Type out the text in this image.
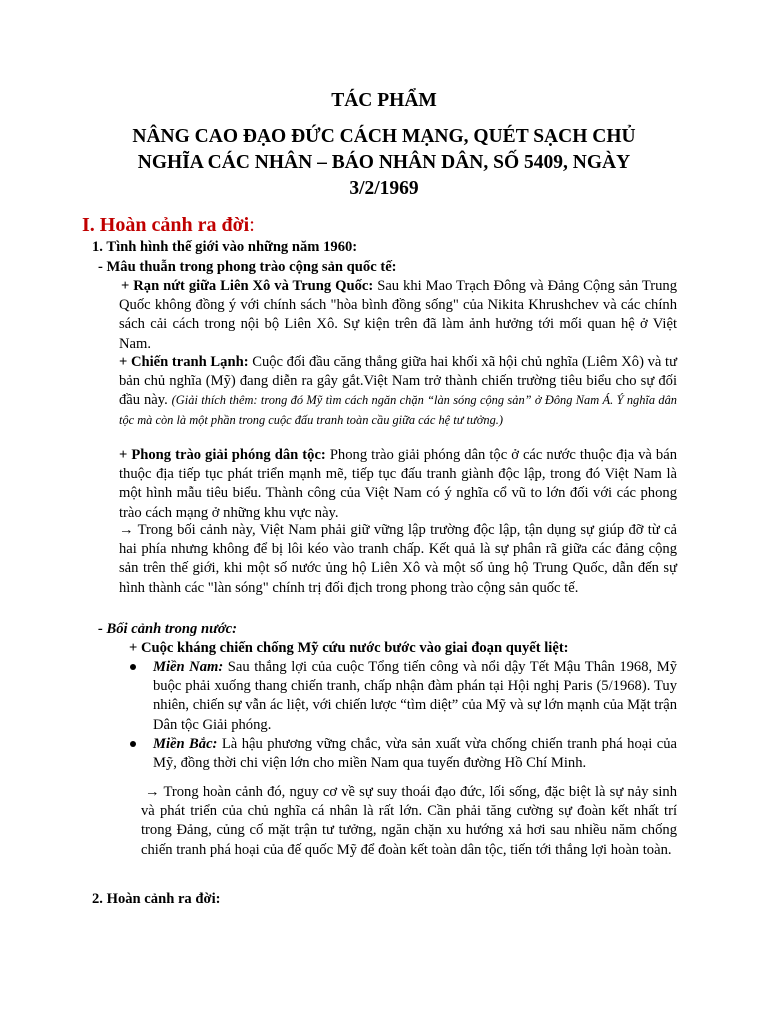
TÁC PHẨM
NÂNG CAO ĐẠO ĐỨC CÁCH MẠNG, QUÉT SẠCH CHỦ
NGHĨA CÁC NHÂN – BÁO NHÂN DÂN, SỐ 5409, NGÀY
3/2/1969
I. Hoàn cảnh ra đời:
1. Tình hình thế giới vào những năm 1960:
- Mâu thuẫn trong phong trào cộng sản quốc tế:
+ Rạn nứt giữa Liên Xô và Trung Quốc: Sau khi Mao Trạch Đông và Đảng Cộng sản Trung Quốc không đồng ý với chính sách "hòa bình đồng sống" của Nikita Khrushchev và các chính sách cải cách trong nội bộ Liên Xô. Sự kiện trên đã làm ảnh hưởng tới mối quan hệ ở Việt Nam.
+ Chiến tranh Lạnh: Cuộc đối đầu căng thẳng giữa hai khối xã hội chủ nghĩa (Liêm Xô) và tư bản chủ nghĩa (Mỹ) đang diễn ra gây gắt.Việt Nam trở thành chiến trường tiêu biểu cho sự đối đầu này. (Giải thích thêm: trong đó Mỹ tìm cách ngăn chặn “làn sóng cộng sản” ở Đông Nam Á. Ý nghĩa dân tộc mà còn là một phần trong cuộc đấu tranh toàn cầu giữa các hệ tư tưởng.)
+ Phong trào giải phóng dân tộc: Phong trào giải phóng dân tộc ở các nước thuộc địa và bán thuộc địa tiếp tục phát triển mạnh mẽ, tiếp tục đấu tranh giành độc lập, trong đó Việt Nam là một hình mẫu tiêu biểu. Thành công của Việt Nam có ý nghĩa cổ vũ to lớn đối với các phong trào cách mạng ở những khu vực này.
→ Trong bối cảnh này, Việt Nam phải giữ vững lập trường độc lập, tận dụng sự giúp đỡ từ cả hai phía nhưng không để bị lôi kéo vào tranh chấp. Kết quả là sự phân rã giữa các đảng cộng sản trên thế giới, khi một số nước ủng hộ Liên Xô và một số ủng hộ Trung Quốc, dẫn đến sự hình thành các "làn sóng" chính trị đối địch trong phong trào cộng sản quốc tế.
- Bối cảnh trong nước:
+ Cuộc kháng chiến chống Mỹ cứu nước bước vào giai đoạn quyết liệt:
Miền Nam: Sau thắng lợi của cuộc Tổng tiến công và nổi dậy Tết Mậu Thân 1968, Mỹ buộc phải xuống thang chiến tranh, chấp nhận đàm phán tại Hội nghị Paris (5/1968). Tuy nhiên, chiến sự vẫn ác liệt, với chiến lược “tìm diệt” của Mỹ và sự lớn mạnh của Mặt trận Dân tộc Giải phóng.
Miền Bắc: Là hậu phương vững chắc, vừa sản xuất vừa chống chiến tranh phá hoại của Mỹ, đồng thời chi viện lớn cho miền Nam qua tuyến đường Hồ Chí Minh.
→ Trong hoàn cảnh đó, nguy cơ về sự suy thoái đạo đức, lối sống, đặc biệt là sự nảy sinh và phát triển của chủ nghĩa cá nhân là rất lớn. Cần phải tăng cường sự đoàn kết nhất trí trong Đảng, củng cố mặt trận tư tưởng, ngăn chặn xu hướng xả hơi sau nhiều năm chống chiến tranh phá hoại của đế quốc Mỹ để đoàn kết toàn dân tộc, tiến tới thắng lợi hoàn toàn.
2. Hoàn cảnh ra đời:
